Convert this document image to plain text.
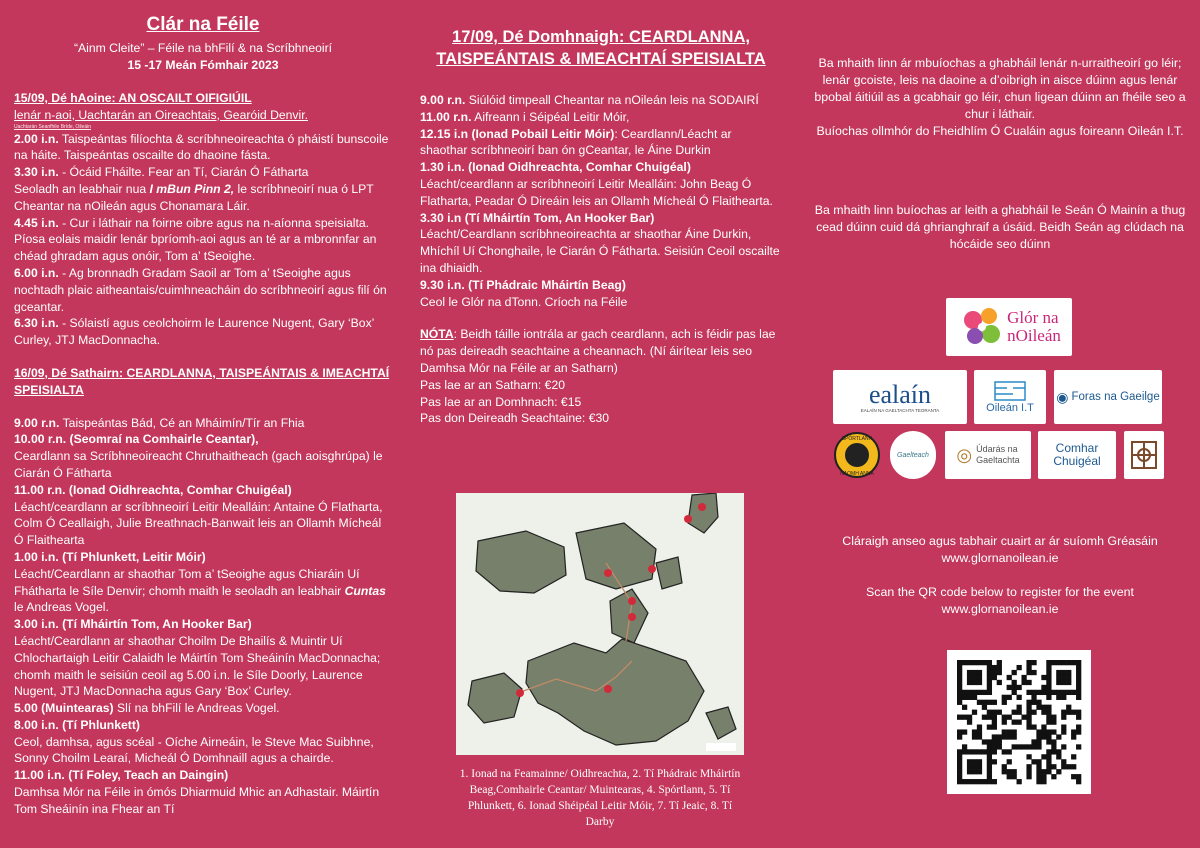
Clár na Féile
“Ainm Cleite” – Féile na bhFilí & na Scríbhneoirí
15 -17 Meán Fómhair 2023
15/09, Dé hAoine: AN OSCAILT OIFIGIÚIL

lenár n-aoi, Uachtarán an Oireachtais, Gearóid Denvir.

Uachtarán Seanfhile Bríde, Oileáin

2.00 i.n. Taispeántas filíochta & scríbhneoireachta ó pháistí bunscoile na háite. Taispeántas oscailte do dhaoine fásta.

3.30 i.n. - Ócáid Fháilte. Fear an Tí, Ciarán Ó Fátharta

Seoladh an leabhair nua I mBun Pinn 2, le scríbhneoirí nua ó LPT Cheantar na nOileán agus Chonamara Láir.

4.45 i.n. - Cur i láthair na foirne oibre agus na n-aíonna speisialta. Píosa eolais maidir lenár bpríomh-aoi agus an té ar a mbronnfar an chéad ghradam agus onóir, Tom a’ tSeoighe.

6.00 i.n. - Ag bronnadh Gradam Saoil ar Tom a’ tSeoighe agus nochtadh plaic aitheantais/cuimhneacháin do scríbhneoirí agus filí ón gceantar.

6.30 i.n. - Sólaistí agus ceolchoirm le Laurence Nugent, Gary ‘Box’ Curley, JTJ MacDonnacha.

16/09, Dé Sathairn: CEARDLANNA, TAISPEÁNTAIS & IMEACHTAÍ SPEISIALTA

9.00 r.n. Taispeántas Bád, Cé an Mháimín/Tír an Fhia

10.00 r.n. (Seomraí na Comhairle Ceantar),

Ceardlann sa Scríbhneoireacht Chruthaitheach (gach aoisghrúpa) le Ciarán Ó Fátharta

11.00 r.n. (Ionad Oidhreachta, Comhar Chuigéal)

Léacht/ceardlann ar scríbhneoirí Leitir Mealláin: Antaine Ó Flatharta, Colm Ó Ceallaigh, Julie Breathnach-Banwait leis an Ollamh Mícheál Ó Flaithearta

1.00 i.n. (Tí Phlunkett, Leitir Móir)

Léacht/Ceardlann ar shaothar Tom a’ tSeoighe agus Chiaráin Uí Fhátharta le Síle Denvir; chomh maith le seoladh an leabhair Cuntas le Andreas Vogel.

3.00 i.n. (Tí Mháirtín Tom, An Hooker Bar)

Léacht/Ceardlann ar shaothar Choilm De Bhailís & Muintir Uí Chlochartaigh Leitir Calaidh le Máirtín Tom Sheáinín MacDonnacha; chomh maith le seisiún ceoil ag 5.00 i.n. le Síle Doorly, Laurence Nugent, JTJ MacDonnacha agus Gary ‘Box’ Curley.

5.00 (Muintearas) Slí na bhFilí le Andreas Vogel.

8.00 i.n. (Tí Phlunkett)

Ceol, damhsa, agus scéal - Oíche Airneáin, le Steve Mac Suibhne, Sonny Choilm Learaí, Micheál Ó Domhnaill agus a chairde.

11.00 i.n. (Tí Foley, Teach an Daingin)

Damhsa Mór na Féile in ómós Dhiarmuid Mhic an Adhastair. Máirtín Tom Sheáinín ina Fhear an Tí

17/09, Dé Domhnaigh: CEARDLANNA, TAISPEÁNTAIS & IMEACHTAÍ SPEISIALTA

9.00 r.n. Siúlóid timpeall Cheantar na nOileán leis na SODAIRÍ

11.00 r.n. Aifreann i Séipéal Leitir Móir,

12.15 i.n (Ionad Pobail Leitir Móir): Ceardlann/Léacht ar shaothar scríbhneoirí ban ón gCeantar, le Áine Durkin

1.30 i.n. (Ionad Oidhreachta, Comhar Chuigéal)

Léacht/ceardlann ar scríbhneoirí Leitir Mealláin: John Beag Ó Flatharta, Peadar Ó Direáin leis an Ollamh Mícheál Ó Flaithearta.

3.30 i.n (Tí Mháirtín Tom, An Hooker Bar)

Léacht/Ceardlann scríbhneoireachta ar shaothar Áine Durkin, Mhíchíl Uí Chonghaile, le Ciarán Ó Fátharta. Seisiún Ceoil oscailte ina dhiaidh.

9.30 i.n. (Tí Phádraic Mháirtín Beag)

Ceol le Glór na dTonn. Críoch na Féile

NÓTA: Beidh táille iontrála ar gach ceardlann, ach is féidir pas lae nó pas deireadh seachtaine a cheannach. (Ní áirítear leis seo Damhsa Mór na Féile ar an Satharn)

Pas lae ar an Satharn: €20

Pas lae ar an Domhnach: €15

Pas don Deireadh Seachtaine: €30

1. Ionad na Feamainne/ Oidhreachta, 2. Tí Phádraic Mháirtín Beag,Comhairle Ceantar/ Muintearas, 4. Spórtlann, 5. Tí Phlunkett, 6. Ionad Shéipéal Leitir Móir, 7. Tí Jeaic, 8. Tí Darby

Ba mhaith linn ár mbuíochas a ghabháil lenár n-urraitheoirí go léir; lenár gcoiste, leis na daoine a d’oibrigh in aisce dúinn agus lenár bpobal áitiúil as a gcabhair go léir, chun ligean dúinn an fhéile seo a chur i láthair.

Buíochas ollmhór do Fheidhlím Ó Cualáin agus foireann Oileán I.T.

Ba mhaith linn buíochas ar leith a ghabháil le Seán Ó Mainín a thug cead dúinn cuid dá ghrianghraif a úsáid. Beidh Seán ag clúdach na hócáide seo dúinn

Glór na
nOileán
ealaín
EALAÍN NA GAELTACHTA TEORANTA	Oileán I.T
◉ Foras na Gaeilge
SPÓRTLANN
NAOMH ANNA
Gaelteach ◎ Údarás na
Gaeltachta
Comhar
Chuigéal

Cláraigh anseo agus tabhair cuairt ar ár suíomh Gréasáin

www.glornanoilean.ie

Scan the QR code below to register for the event

www.glornanoilean.ie
